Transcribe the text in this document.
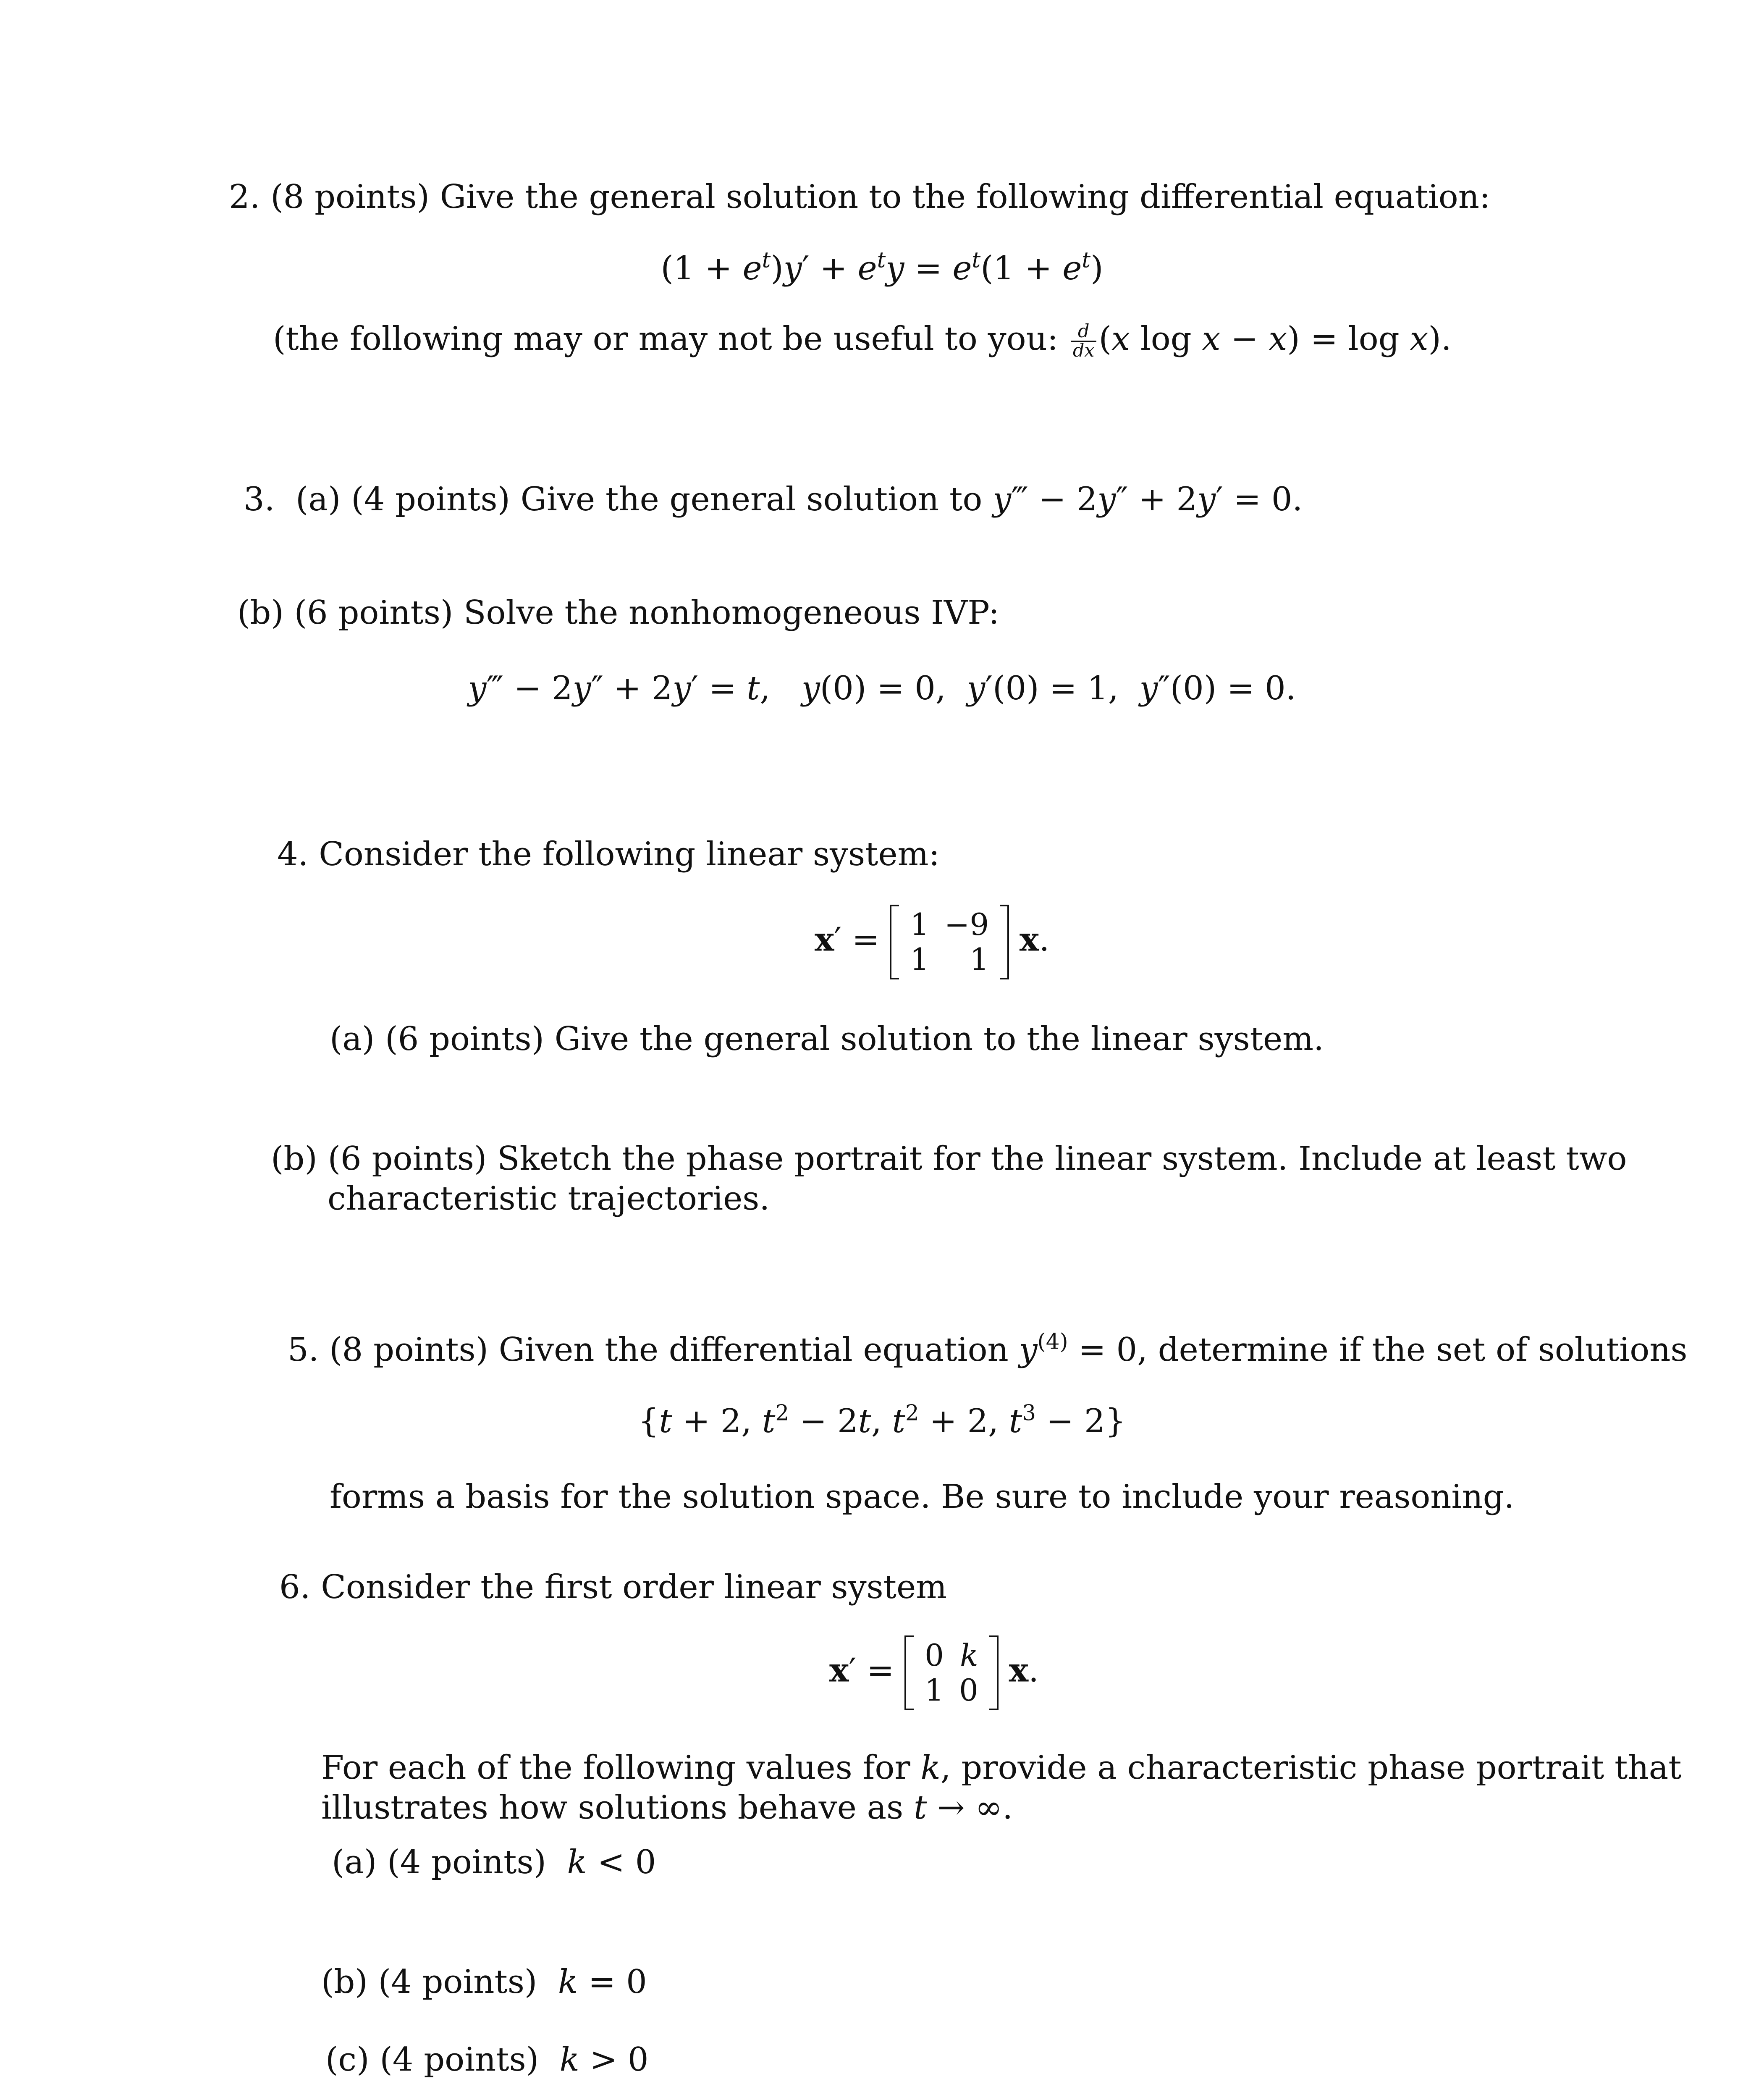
2. (8 points) Give the general solution to the following differential equation:
$(1 + e^t)y' + e^ty = e^t(1 + e^t)$
(the following may or may not be useful to you: $\frac{d}{dx} (x$ log x − x) = log x).
3. (a) (4 points) Give the general solution to y‴ − 2y″ + 2y′ = 0.
(b) (6 points) Solve the nonhomogeneous IVP:
y‴ − 2y″ + 2y′ = t,   y(0) = 0,  y′(0) = 1,  y″(0) = 0.
4. Consider the following linear system:
x′ = 1	−9
1	1
x.
(a) (6 points) Give the general solution to the linear system.
(b) (6 points) Sketch the phase portrait for the linear system. Include at least two
characteristic trajectories.
5. (8 points) Given the differential equation $y^{(4)} = 0$, determine if the set of solutions
{t + 2, $t^2 - 2t$, $t^2 + 2$, $t^3 - 2$}
forms a basis for the solution space. Be sure to include your reasoning.
6. Consider the first order linear system
x′ = 0	k
1	0
x.
For each of the following values for k, provide a characteristic phase portrait that
illustrates how solutions behave as t → ∞.
(a) (4 points) k < 0
(b) (4 points) k = 0
(c) (4 points) k > 0
